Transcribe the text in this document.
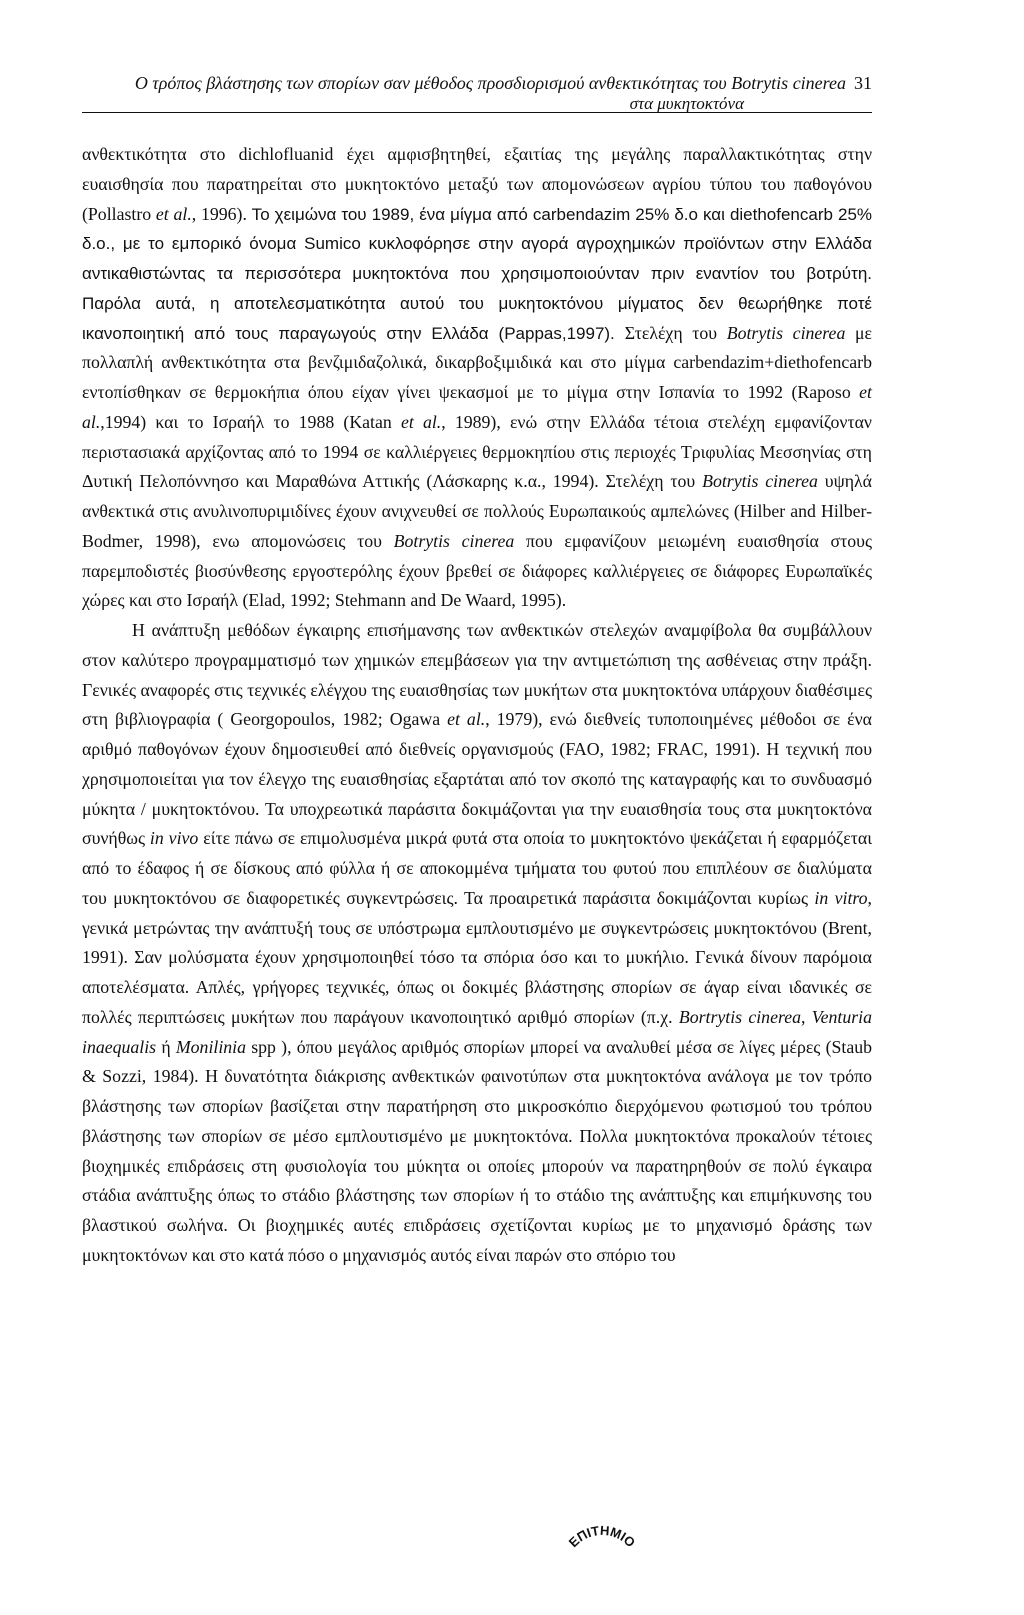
Ο τρόπος βλάστησης των σπορίων σαν μέθοδος προσδιορισμού ανθεκτικότητας του Botrytis cinerea 31
στα μυκητοκτόνα

ανθεκτικότητα στο dichlofluanid έχει αμφισβητηθεί, εξαιτίας της μεγάλης παραλλακτικότητας στην ευαισθησία που παρατηρείται στο μυκητοκτόνο μεταξύ των απομονώσεων αγρίου τύπου του παθογόνου (Pollastro et al., 1996). Το χειμώνα του 1989, ένα μίγμα από carbendazim 25% δ.ο και diethofencarb 25% δ.ο., με το εμπορικό όνομα Sumico κυκλοφόρησε στην αγορά αγροχημικών προϊόντων στην Ελλάδα αντικαθιστώντας τα περισσότερα μυκητοκτόνα που χρησιμοποιούνταν πριν εναντίον του βοτρύτη. Παρόλα αυτά, η αποτελεσματικότητα αυτού του μυκητοκτόνου μίγματος δεν θεωρήθηκε ποτέ ικανοποιητική από τους παραγωγούς στην Ελλάδα (Pappas,1997). Στελέχη του Botrytis cinerea με πολλαπλή ανθεκτικότητα στα βενζιμιδαζολικά, δικαρβοξιμιδικά και στο μίγμα carbendazim+diethofencarb εντοπίσθηκαν σε θερμοκήπια όπου είχαν γίνει ψεκασμοί με το μίγμα στην Ισπανία το 1992 (Raposo et al.,1994) και το Ισραήλ το 1988 (Katan et al., 1989), ενώ στην Ελλάδα τέτοια στελέχη εμφανίζονταν περιστασιακά αρχίζοντας από το 1994 σε καλλιέργειες θερμοκηπίου στις περιοχές Τριφυλίας Μεσσηνίας στη Δυτική Πελοπόννησο και Μαραθώνα Αττικής (Λάσκαρης κ.α., 1994). Στελέχη του Botrytis cinerea υψηλά ανθεκτικά στις ανυλινοπυριμιδίνες έχουν ανιχνευθεί σε πολλούς Ευρωπαικούς αμπελώνες (Hilber and Hilber- Bodmer, 1998), ενω απομονώσεις του Botrytis cinerea που εμφανίζουν μειωμένη ευαισθησία στους παρεμποδιστές βιοσύνθεσης εργοστερόλης έχουν βρεθεί σε διάφορες καλλιέργειες σε διάφορες Ευρωπαϊκές χώρες και στο Ισραήλ (Elad, 1992; Stehmann and De Waard, 1995).

Η ανάπτυξη μεθόδων έγκαιρης επισήμανσης των ανθεκτικών στελεχών αναμφίβολα θα συμβάλλουν στον καλύτερο προγραμματισμό των χημικών επεμβάσεων για την αντιμετώπιση της ασθένειας στην πράξη. Γενικές αναφορές στις τεχνικές ελέγχου της ευαισθησίας των μυκήτων στα μυκητοκτόνα υπάρχουν διαθέσιμες στη βιβλιογραφία ( Georgopoulos, 1982; Ogawa et al., 1979), ενώ διεθνείς τυποποιημένες μέθοδοι σε ένα αριθμό παθογόνων έχουν δημοσιευθεί από διεθνείς οργανισμούς (FAO, 1982; FRAC, 1991). Η τεχνική που χρησιμοποιείται για τον έλεγχο της ευαισθησίας εξαρτάται από τον σκοπό της καταγραφής και το συνδυασμό μύκητα / μυκητοκτόνου. Τα υποχρεωτικά παράσιτα δοκιμάζονται για την ευαισθησία τους στα μυκητοκτόνα συνήθως in vivo είτε πάνω σε επιμολυσμένα μικρά φυτά στα οποία το μυκητοκτόνο ψεκάζεται ή εφαρμόζεται από το έδαφος ή σε δίσκους από φύλλα ή σε αποκομμένα τμήματα του φυτού που επιπλέουν σε διαλύματα του μυκητοκτόνου σε διαφορετικές συγκεντρώσεις. Τα προαιρετικά παράσιτα δοκιμάζονται κυρίως in vitro, γενικά μετρώντας την ανάπτυξή τους σε υπόστρωμα εμπλουτισμένο με συγκεντρώσεις μυκητοκτόνου (Brent, 1991). Σαν μολύσματα έχουν χρησιμοποιηθεί τόσο τα σπόρια όσο και το μυκήλιο. Γενικά δίνουν παρόμοια αποτελέσματα. Απλές, γρήγορες τεχνικές, όπως οι δοκιμές βλάστησης σπορίων σε άγαρ είναι ιδανικές σε πολλές περιπτώσεις μυκήτων που παράγουν ικανοποιητικό αριθμό σπορίων (π.χ. Bortrytis cinerea, Venturia inaequalis ή Monilinia spp ), όπου μεγάλος αριθμός σπορίων μπορεί να αναλυθεί μέσα σε λίγες μέρες (Staub & Sozzi, 1984). Η δυνατότητα διάκρισης ανθεκτικών φαινοτύπων στα μυκητοκτόνα ανάλογα με τον τρόπο βλάστησης των σπορίων βασίζεται στην παρατήρηση στο μικροσκόπιο διερχόμενου φωτισμού του τρόπου βλάστησης των σπορίων σε μέσο εμπλουτισμένο με μυκητοκτόνα. Πολλα μυκητοκτόνα προκαλούν τέτοιες βιοχημικές επιδράσεις στη φυσιολογία του μύκητα οι οποίες μπορούν να παρατηρηθούν σε πολύ έγκαιρα στάδια ανάπτυξης όπως το στάδιο βλάστησης των σπορίων ή το στάδιο της ανάπτυξης και επιμήκυνσης του βλαστικού σωλήνα. Οι βιοχημικές αυτές επιδράσεις σχετίζονται κυρίως με το μηχανισμό δράσης των μυκητοκτόνων και στο κατά πόσο ο μηχανισμός αυτός είναι παρών στο σπόριο του

ΕΠΙΤΗΜΙΟ
